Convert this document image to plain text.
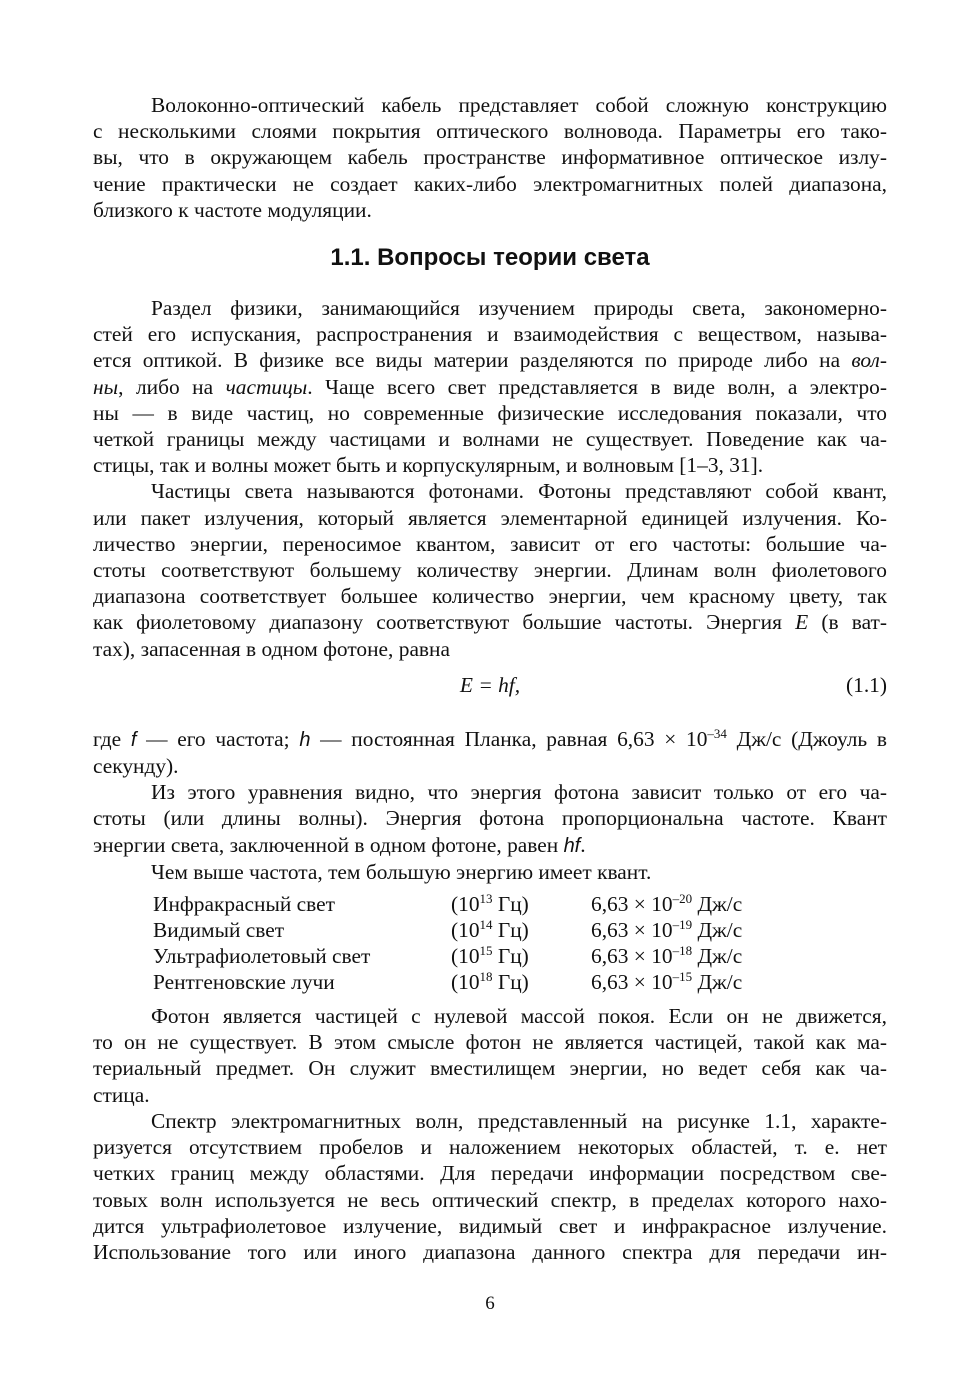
Волоконно-оптический кабель представляет собой сложную конструкцию
с несколькими слоями покрытия оптического волновода. Параметры его тако-
вы, что в окружающем кабель пространстве информативное оптическое излу-
чение практически не создает каких-либо электромагнитных полей диапазона,
близкого к частоте модуляции.
1.1. Вопросы теории света
Раздел физики, занимающийся изучением природы света, закономерно-
стей его испускания, распространения и взаимодействия с веществом, называ-
ется оптикой. В физике все виды материи разделяются по природе либо на вол-
ны, либо на частицы. Чаще всего свет представляется в виде волн, а электро-
ны — в виде частиц, но современные физические исследования показали, что
четкой границы между частицами и волнами не существует. Поведение как ча-
стицы, так и волны может быть и корпускулярным, и волновым [1–3, 31].
Частицы света называются фотонами. Фотоны представляют собой квант,
или пакет излучения, который является элементарной единицей излучения. Ко-
личество энергии, переносимое квантом, зависит от его частоты: большие ча-
стоты соответствуют большему количеству энергии. Длинам волн фиолетового
диапазона соответствует большее количество энергии, чем красному цвету, так
как фиолетовому диапазону соответствуют большие частоты. Энергия E (в ват-
тах), запасенная в одном фотоне, равна
E = hf,	(1.1)
где f — его частота; h — постоянная Планка, равная $6,63 \times 10^{-34}$ Дж/с (Джоуль в
секунду).
Из этого уравнения видно, что энергия фотона зависит только от его ча-
стоты (или длины волны). Энергия фотона пропорциональна частоте. Квант
энергии света, заключенной в одном фотоне, равен hf.
Чем выше частота, тем большую энергию имеет квант.
Инфракрасный свет	($10^{13}$ Гц)	$6,63 \times 10^{-20}$ Дж/с
Видимый свет	($10^{14}$ Гц)	$6,63 \times 10^{-19}$ Дж/с
Ультрафиолетовый свет	($10^{15}$ Гц)	$6,63 \times 10^{-18}$ Дж/с
Рентгеновские лучи	($10^{18}$ Гц)	$6,63 \times 10^{-15}$ Дж/с
Фотон является частицей с нулевой массой покоя. Если он не движется,
то он не существует. В этом смысле фотон не является частицей, такой как ма-
териальный предмет. Он служит вместилищем энергии, но ведет себя как ча-
стица.
Спектр электромагнитных волн, представленный на рисунке 1.1, характе-
ризуется отсутствием пробелов и наложением некоторых областей, т. е. нет
четких границ между областями. Для передачи информации посредством све-
товых волн используется не весь оптический спектр, в пределах которого нахо-
дится ультрафиолетовое излучение, видимый свет и инфракрасное излучение.
Использование того или иного диапазона данного спектра для передачи ин-
6
